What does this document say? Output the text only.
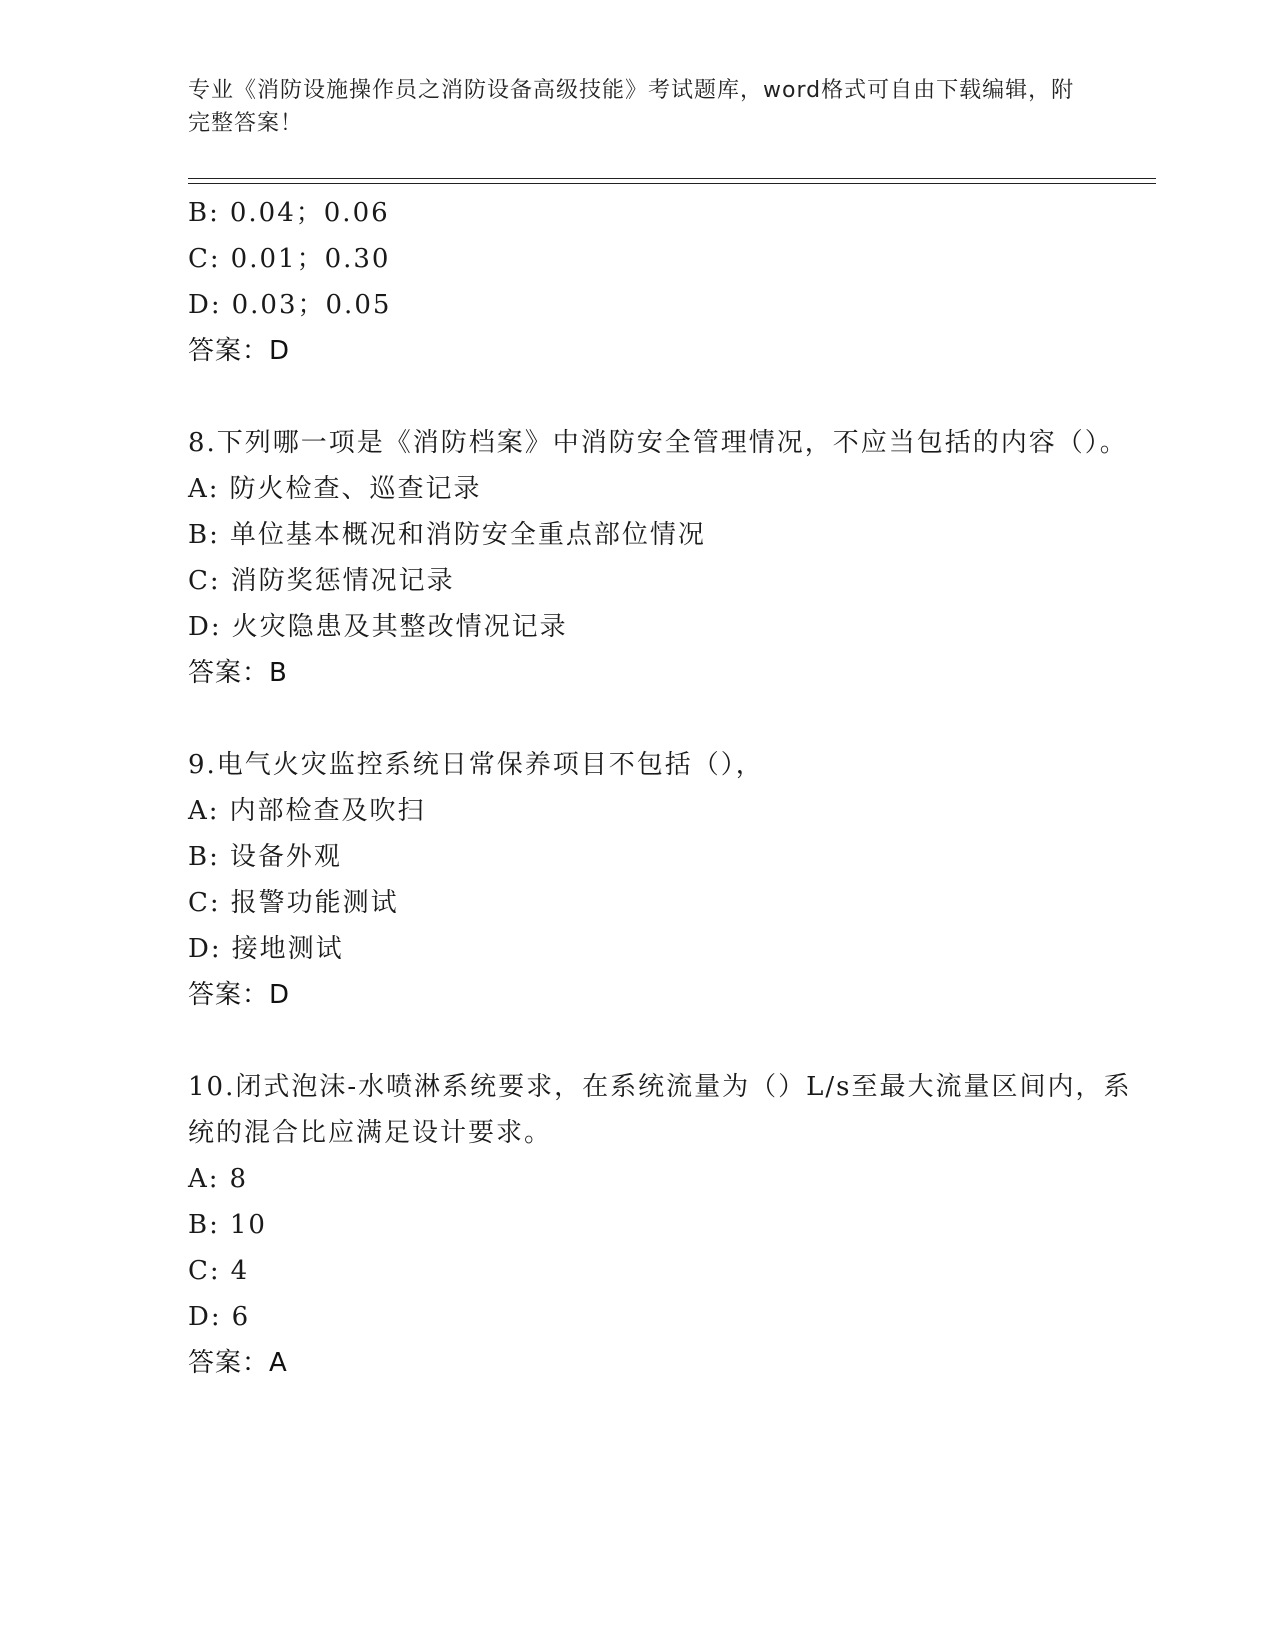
专业《消防设施操作员之消防设备高级技能》考试题库，word格式可自由下载编辑，附完整答案！
B: 0.04；0.06
C: 0.01；0.30
D: 0.03；0.05
答案：D
8.下列哪一项是《消防档案》中消防安全管理情况，不应当包括的内容（）。
A: 防火检查、巡查记录
B: 单位基本概况和消防安全重点部位情况
C: 消防奖惩情况记录
D: 火灾隐患及其整改情况记录
答案：B
9.电气火灾监控系统日常保养项目不包括（），
A: 内部检查及吹扫
B: 设备外观
C: 报警功能测试
D: 接地测试
答案：D
10.闭式泡沫-水喷淋系统要求，在系统流量为（）L/s至最大流量区间内，系统的混合比应满足设计要求。
A: 8
B: 10
C: 4
D: 6
答案：A
